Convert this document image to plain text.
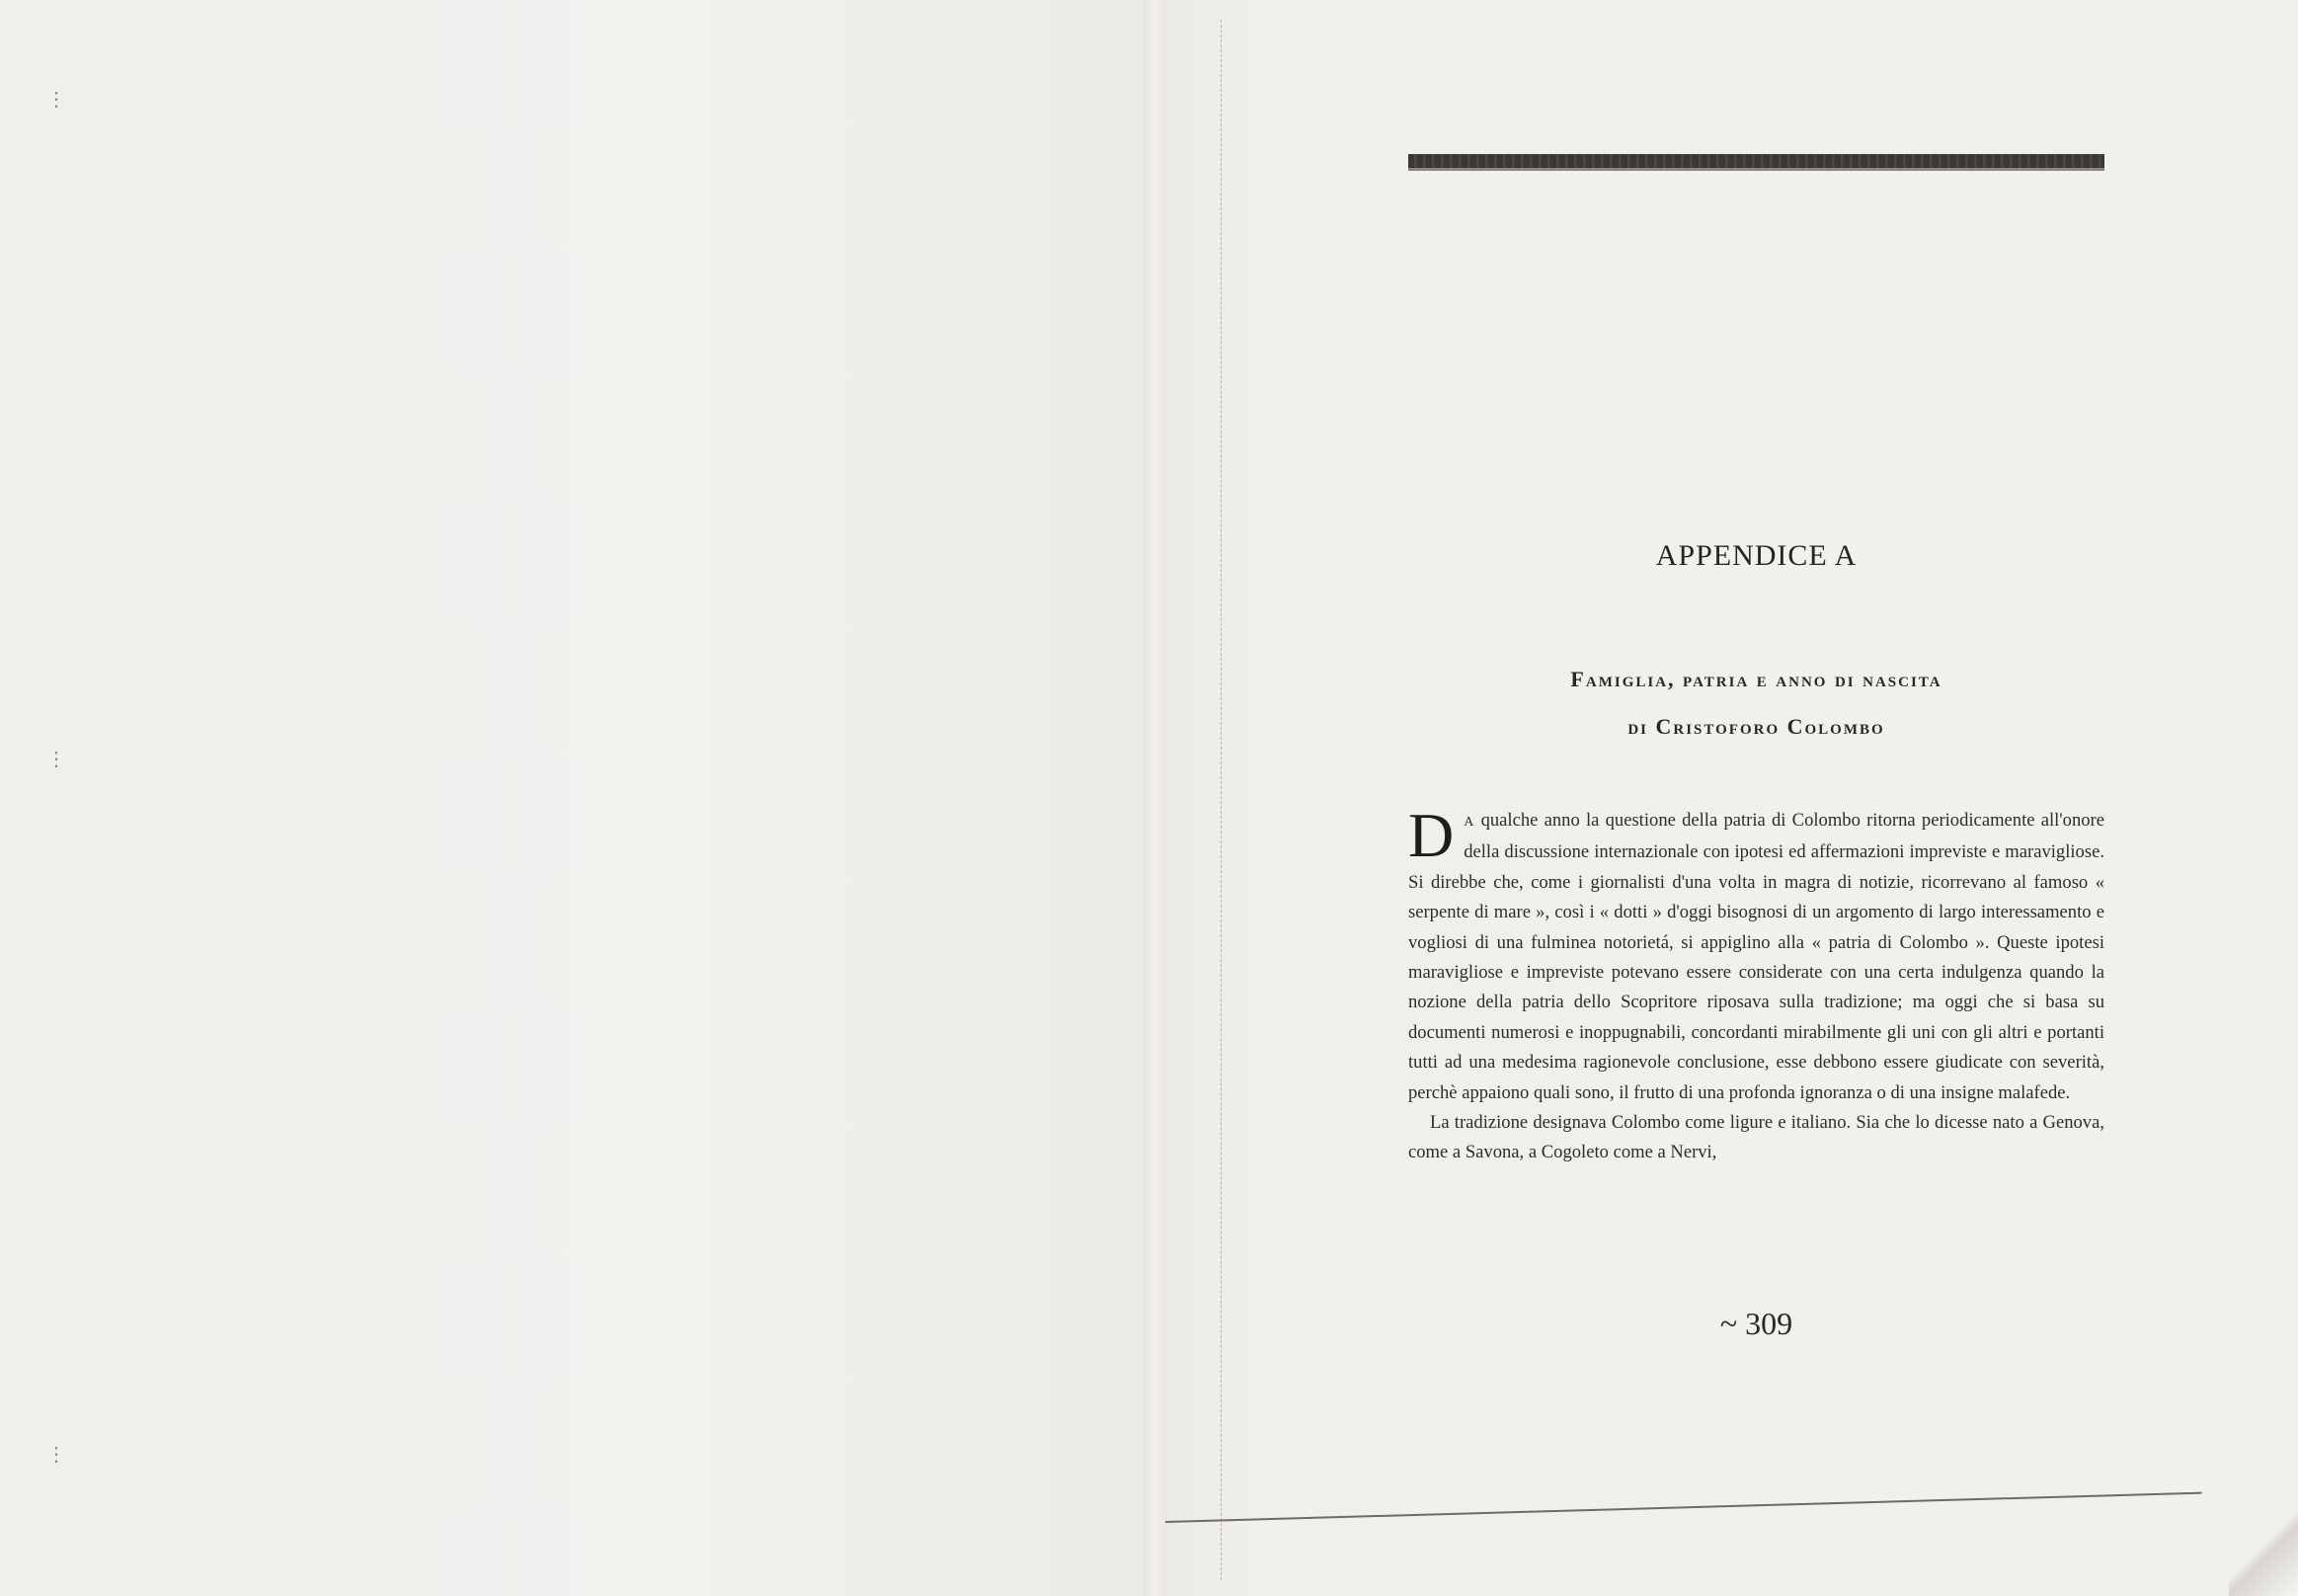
⋮
⋮
⋮
APPENDICE A
Famiglia, patria e anno di nascita
di Cristoforo Colombo

DA qualche anno la questione della patria di Colombo ritorna periodicamente all'onore della discussione internazionale con ipotesi ed affermazioni impreviste e maravigliose. Si direbbe che, come i giornalisti d'una volta in magra di notizie, ricorrevano al famoso « serpente di mare », così i « dotti » d'oggi bisognosi di un argomento di largo interessamento e vogliosi di una fulminea notorietá, si appiglino alla « patria di Colombo ». Queste ipotesi maravigliose e impreviste potevano essere considerate con una certa indulgenza quando la nozione della patria dello Scopritore riposava sulla tradizione; ma oggi che si basa su documenti numerosi e inoppugnabili, concordanti mirabilmente gli uni con gli altri e portanti tutti ad una medesima ragionevole conclusione, esse debbono essere giudicate con severità, perchè appaiono quali sono, il frutto di una profonda ignoranza o di una insigne malafede.

La tradizione designava Colombo come ligure e italiano. Sia che lo dicesse nato a Genova, come a Savona, a Cogoleto come a Nervi,

~ 309
